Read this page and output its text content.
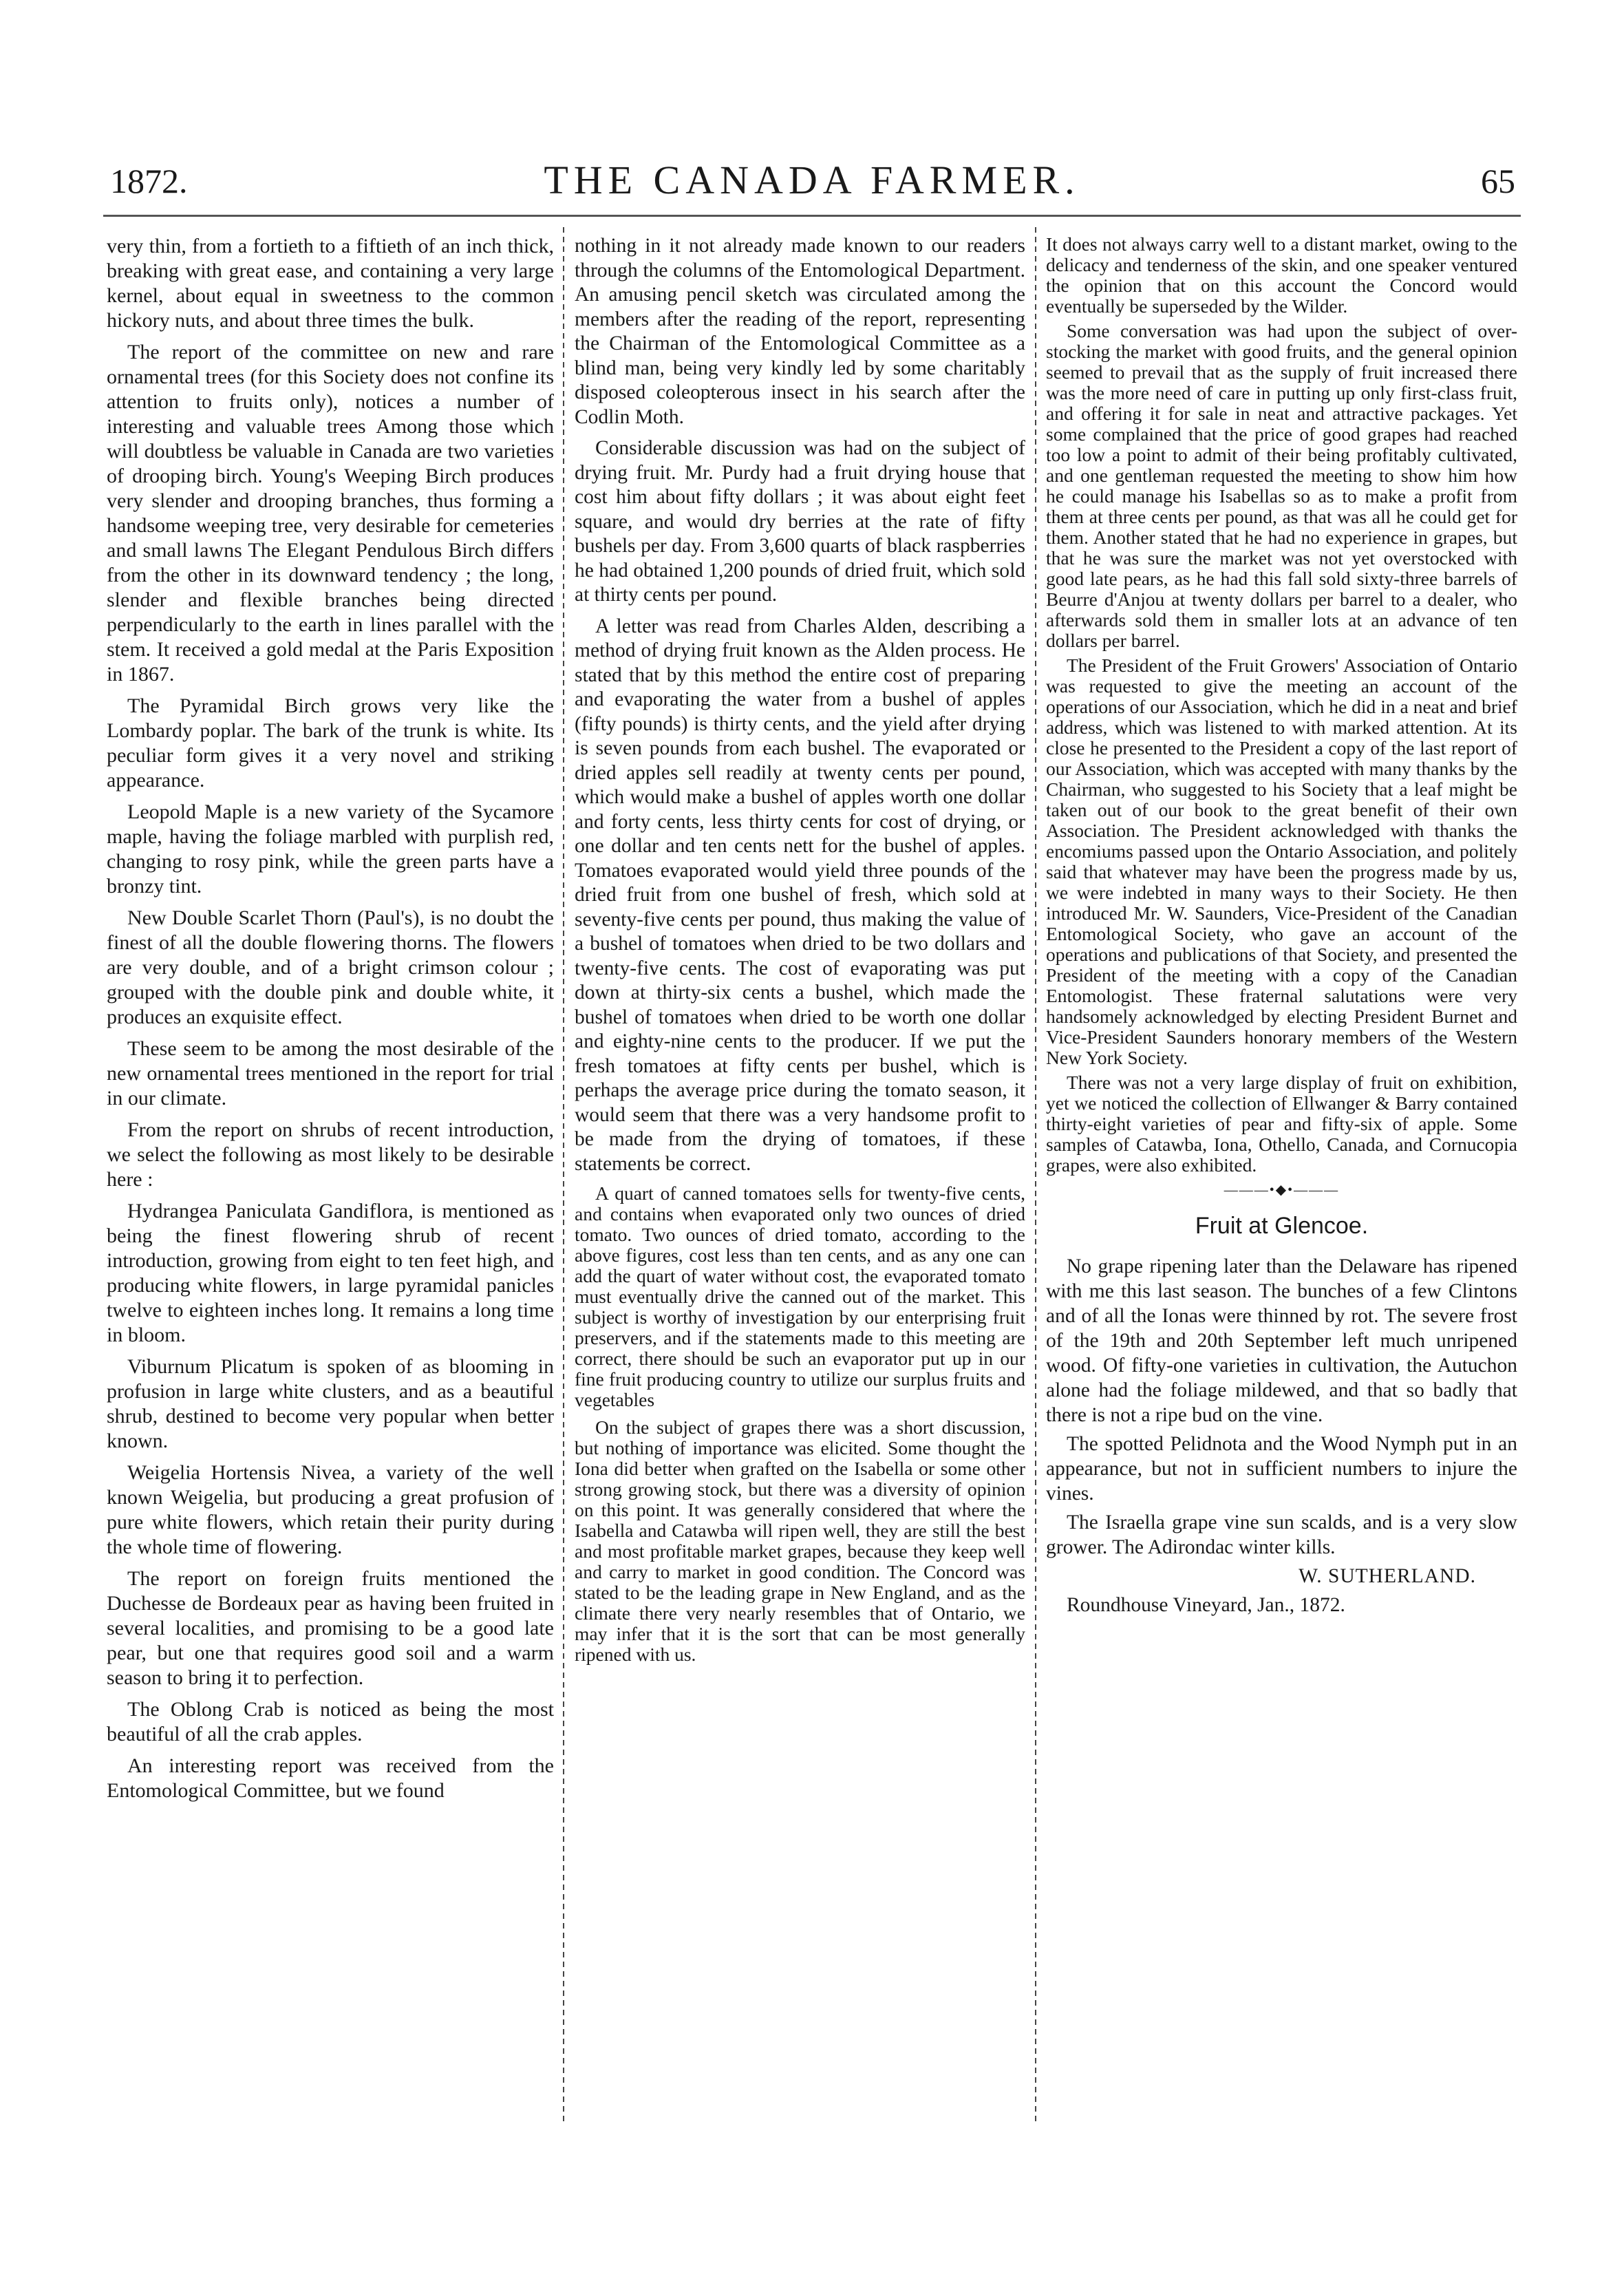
1872.	THE CANADA FARMER.	65

very thin, from a fortieth to a fiftieth of an inch thick, breaking with great ease, and containing a very large kernel, about equal in sweetness to the common hickory nuts, and about three times the bulk.

The report of the committee on new and rare ornamental trees (for this Society does not confine its attention to fruits only), notices a number of interesting and valuable trees Among those which will doubtless be valuable in Canada are two varieties of drooping birch. Young's Weeping Birch produces very slender and drooping branches, thus forming a handsome weeping tree, very desirable for cemeteries and small lawns The Elegant Pendulous Birch differs from the other in its downward tendency ; the long, slender and flexible branches being directed perpendicularly to the earth in lines parallel with the stem. It received a gold medal at the Paris Exposition in 1867.

The Pyramidal Birch grows very like the Lombardy poplar. The bark of the trunk is white. Its peculiar form gives it a very novel and striking appearance.

Leopold Maple is a new variety of the Sycamore maple, having the foliage marbled with purplish red, changing to rosy pink, while the green parts have a bronzy tint.

New Double Scarlet Thorn (Paul's), is no doubt the finest of all the double flowering thorns. The flowers are very double, and of a bright crimson colour ; grouped with the double pink and double white, it produces an exquisite effect.

These seem to be among the most desirable of the new ornamental trees mentioned in the report for trial in our climate.

From the report on shrubs of recent introduction, we select the following as most likely to be desirable here :

Hydrangea Paniculata Gandiflora, is mentioned as being the finest flowering shrub of recent introduction, growing from eight to ten feet high, and producing white flowers, in large pyramidal panicles twelve to eighteen inches long. It remains a long time in bloom.

Viburnum Plicatum is spoken of as blooming in profusion in large white clusters, and as a beautiful shrub, destined to become very popular when better known.

Weigelia Hortensis Nivea, a variety of the well known Weigelia, but producing a great profusion of pure white flowers, which retain their purity during the whole time of flowering.

The report on foreign fruits mentioned the Duchesse de Bordeaux pear as having been fruited in several localities, and promising to be a good late pear, but one that requires good soil and a warm season to bring it to perfection.

The Oblong Crab is noticed as being the most beautiful of all the crab apples.

An interesting report was received from the Entomological Committee, but we found

nothing in it not already made known to our readers through the columns of the Entomological Department. An amusing pencil sketch was circulated among the members after the reading of the report, representing the Chairman of the Entomological Committee as a blind man, being very kindly led by some charitably disposed coleopterous insect in his search after the Codlin Moth.

Considerable discussion was had on the subject of drying fruit. Mr. Purdy had a fruit drying house that cost him about fifty dollars ; it was about eight feet square, and would dry berries at the rate of fifty bushels per day. From 3,600 quarts of black raspberries he had obtained 1,200 pounds of dried fruit, which sold at thirty cents per pound.

A letter was read from Charles Alden, describing a method of drying fruit known as the Alden process. He stated that by this method the entire cost of preparing and evaporating the water from a bushel of apples (fifty pounds) is thirty cents, and the yield after drying is seven pounds from each bushel. The evaporated or dried apples sell readily at twenty cents per pound, which would make a bushel of apples worth one dollar and forty cents, less thirty cents for cost of drying, or one dollar and ten cents nett for the bushel of apples. Tomatoes evaporated would yield three pounds of the dried fruit from one bushel of fresh, which sold at seventy-five cents per pound, thus making the value of a bushel of tomatoes when dried to be two dollars and twenty-five cents. The cost of evaporating was put down at thirty-six cents a bushel, which made the bushel of tomatoes when dried to be worth one dollar and eighty-nine cents to the producer. If we put the fresh tomatoes at fifty cents per bushel, which is perhaps the average price during the tomato season, it would seem that there was a very handsome profit to be made from the drying of tomatoes, if these statements be correct.

A quart of canned tomatoes sells for twenty-five cents, and contains when evaporated only two ounces of dried tomato. Two ounces of dried tomato, according to the above figures, cost less than ten cents, and as any one can add the quart of water without cost, the evaporated tomato must eventually drive the canned out of the market. This subject is worthy of investigation by our enterprising fruit preservers, and if the statements made to this meeting are correct, there should be such an evaporator put up in our fine fruit producing country to utilize our surplus fruits and vegetables

On the subject of grapes there was a short discussion, but nothing of importance was elicited. Some thought the Iona did better when grafted on the Isabella or some other strong growing stock, but there was a diversity of opinion on this point. It was generally considered that where the Isabella and Catawba will ripen well, they are still the best and most profitable market grapes, because they keep well and carry to market in good condition. The Concord was stated to be the leading grape in New England, and as the climate there very nearly resembles that of Ontario, we may infer that it is the sort that can be most generally ripened with us.

It does not always carry well to a distant market, owing to the delicacy and tenderness of the skin, and one speaker ventured the opinion that on this account the Concord would eventually be superseded by the Wilder.

Some conversation was had upon the subject of over-stocking the market with good fruits, and the general opinion seemed to prevail that as the supply of fruit increased there was the more need of care in putting up only first-class fruit, and offering it for sale in neat and attractive packages. Yet some complained that the price of good grapes had reached too low a point to admit of their being profitably cultivated, and one gentleman requested the meeting to show him how he could manage his Isabellas so as to make a profit from them at three cents per pound, as that was all he could get for them. Another stated that he had no experience in grapes, but that he was sure the market was not yet overstocked with good late pears, as he had this fall sold sixty-three barrels of Beurre d'Anjou at twenty dollars per barrel to a dealer, who afterwards sold them in smaller lots at an advance of ten dollars per barrel.

The President of the Fruit Growers' Association of Ontario was requested to give the meeting an account of the operations of our Association, which he did in a neat and brief address, which was listened to with marked attention. At its close he presented to the President a copy of the last report of our Association, which was accepted with many thanks by the Chairman, who suggested to his Society that a leaf might be taken out of our book to the great benefit of their own Association. The President acknowledged with thanks the encomiums passed upon the Ontario Association, and politely said that whatever may have been the progress made by us, we were indebted in many ways to their Society. He then introduced Mr. W. Saunders, Vice-President of the Canadian Entomological Society, who gave an account of the operations and publications of that Society, and presented the President of the meeting with a copy of the Canadian Entomologist. These fraternal salutations were very handsomely acknowledged by electing President Burnet and Vice-President Saunders honorary members of the Western New York Society.

There was not a very large display of fruit on exhibition, yet we noticed the collection of Ellwanger & Barry contained thirty-eight varieties of pear and fifty-six of apple. Some samples of Catawba, Iona, Othello, Canada, and Cornucopia grapes, were also exhibited.

———•◆•———
Fruit at Glencoe.

No grape ripening later than the Delaware has ripened with me this last season. The bunches of a few Clintons and of all the Ionas were thinned by rot. The severe frost of the 19th and 20th September left much unripened wood. Of fifty-one varieties in cultivation, the Autuchon alone had the foliage mildewed, and that so badly that there is not a ripe bud on the vine.

The spotted Pelidnota and the Wood Nymph put in an appearance, but not in sufficient numbers to injure the vines.

The Israella grape vine sun scalds, and is a very slow grower. The Adirondac winter kills.

W. SUTHERLAND.

Roundhouse Vineyard, Jan., 1872.
